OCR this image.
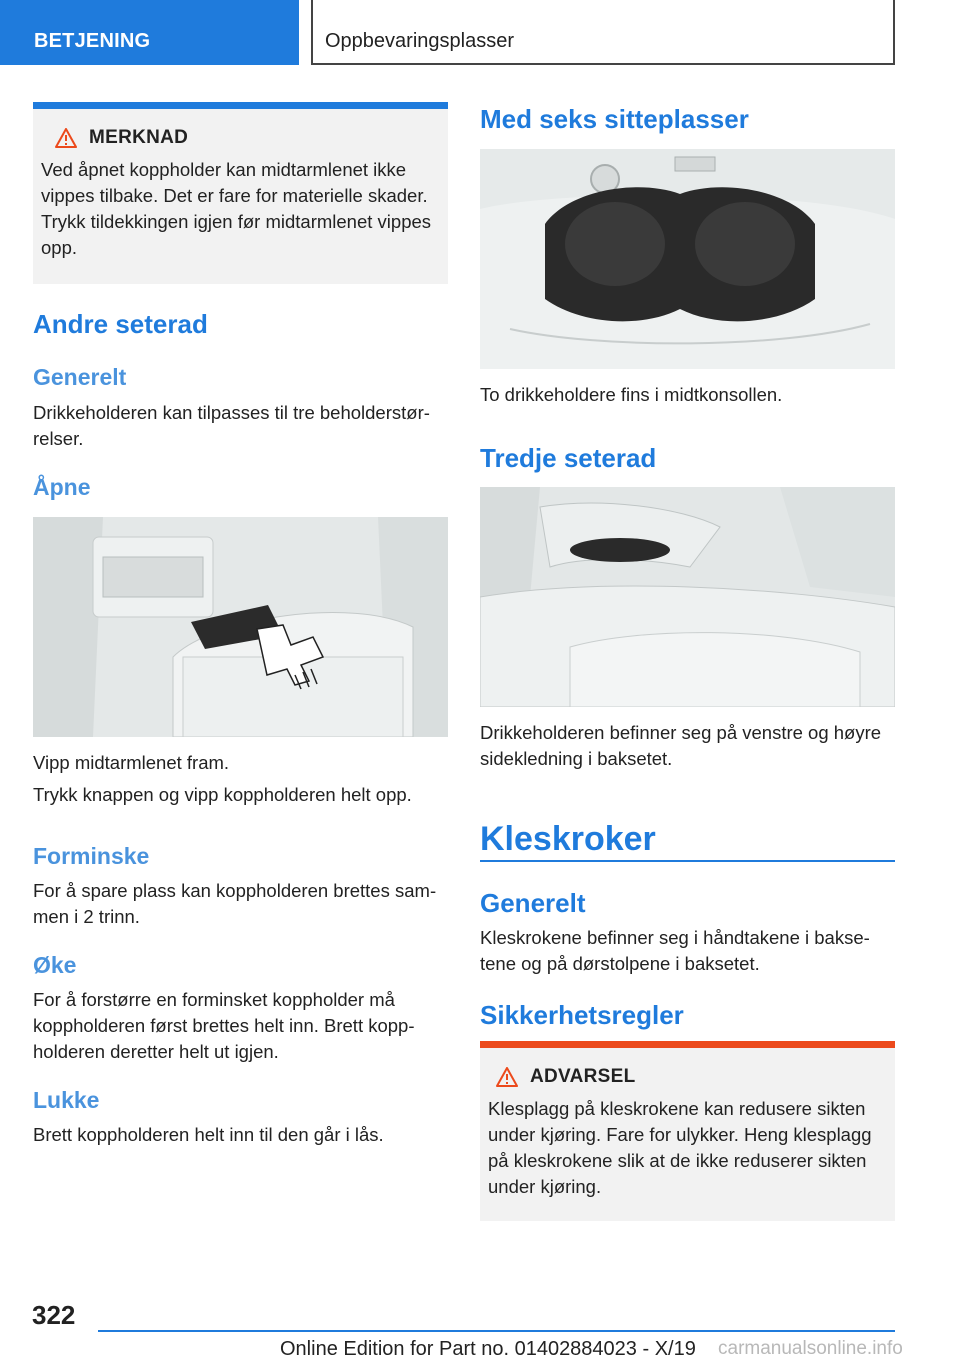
BETJENING	Oppbevaringsplasser
MERKNAD
Ved åpnet koppholder kan midtarmlenet ikke vippes tilbake. Det er fare for materielle skader. Trykk tildekkingen igjen før midtarmlenet vippes opp.
Andre seterad
Generelt
Drikkeholderen kan tilpasses til tre beholderstørrelser.
Åpne
Vipp midtarmlenet fram.
Trykk knappen og vipp koppholderen helt opp.
Forminske
For å spare plass kan koppholderen brettes sammen i 2 trinn.
Øke
For å forstørre en forminsket koppholder må koppholderen først brettes helt inn. Brett koppholderen deretter helt ut igjen.
Lukke
Brett koppholderen helt inn til den går i lås.
Med seks sitteplasser
To drikkeholdere fins i midtkonsollen.
Tredje seterad
Drikkeholderen befinner seg på venstre og høyre sidekledning i baksetet.
Kleskroker
Generelt
Kleskrokene befinner seg i håndtakene i baksetene og på dørstolpene i baksetet.
Sikkerhetsregler
ADVARSEL
Klesplagg på kleskrokene kan redusere sikten under kjøring. Fare for ulykker. Heng klesplagg på kleskrokene slik at de ikke reduserer sikten under kjøring.
322
Online Edition for Part no. 01402884023 - X/19 carmanualsonline.info
